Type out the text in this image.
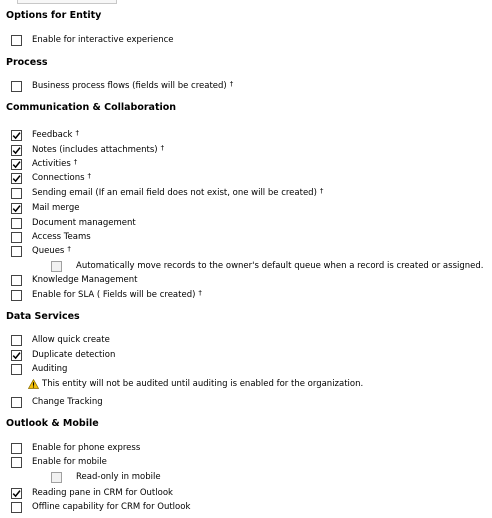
Options for Entity
Enable for interactive experience
Process
Business process flows (fields will be created) †
Communication & Collaboration
Feedback †
Notes (includes attachments) †
Activities †
Connections †
Sending email (If an email field does not exist, one will be created) †
Mail merge
Document management
Access Teams
Queues †
Automatically move records to the owner's default queue when a record is created or assigned.
Knowledge Management
Enable for SLA ( Fields will be created) †
Data Services
Allow quick create
Duplicate detection
Auditing
This entity will not be audited until auditing is enabled for the organization.
Change Tracking
Outlook & Mobile
Enable for phone express
Enable for mobile
Read-only in mobile
Reading pane in CRM for Outlook
Offline capability for CRM for Outlook
